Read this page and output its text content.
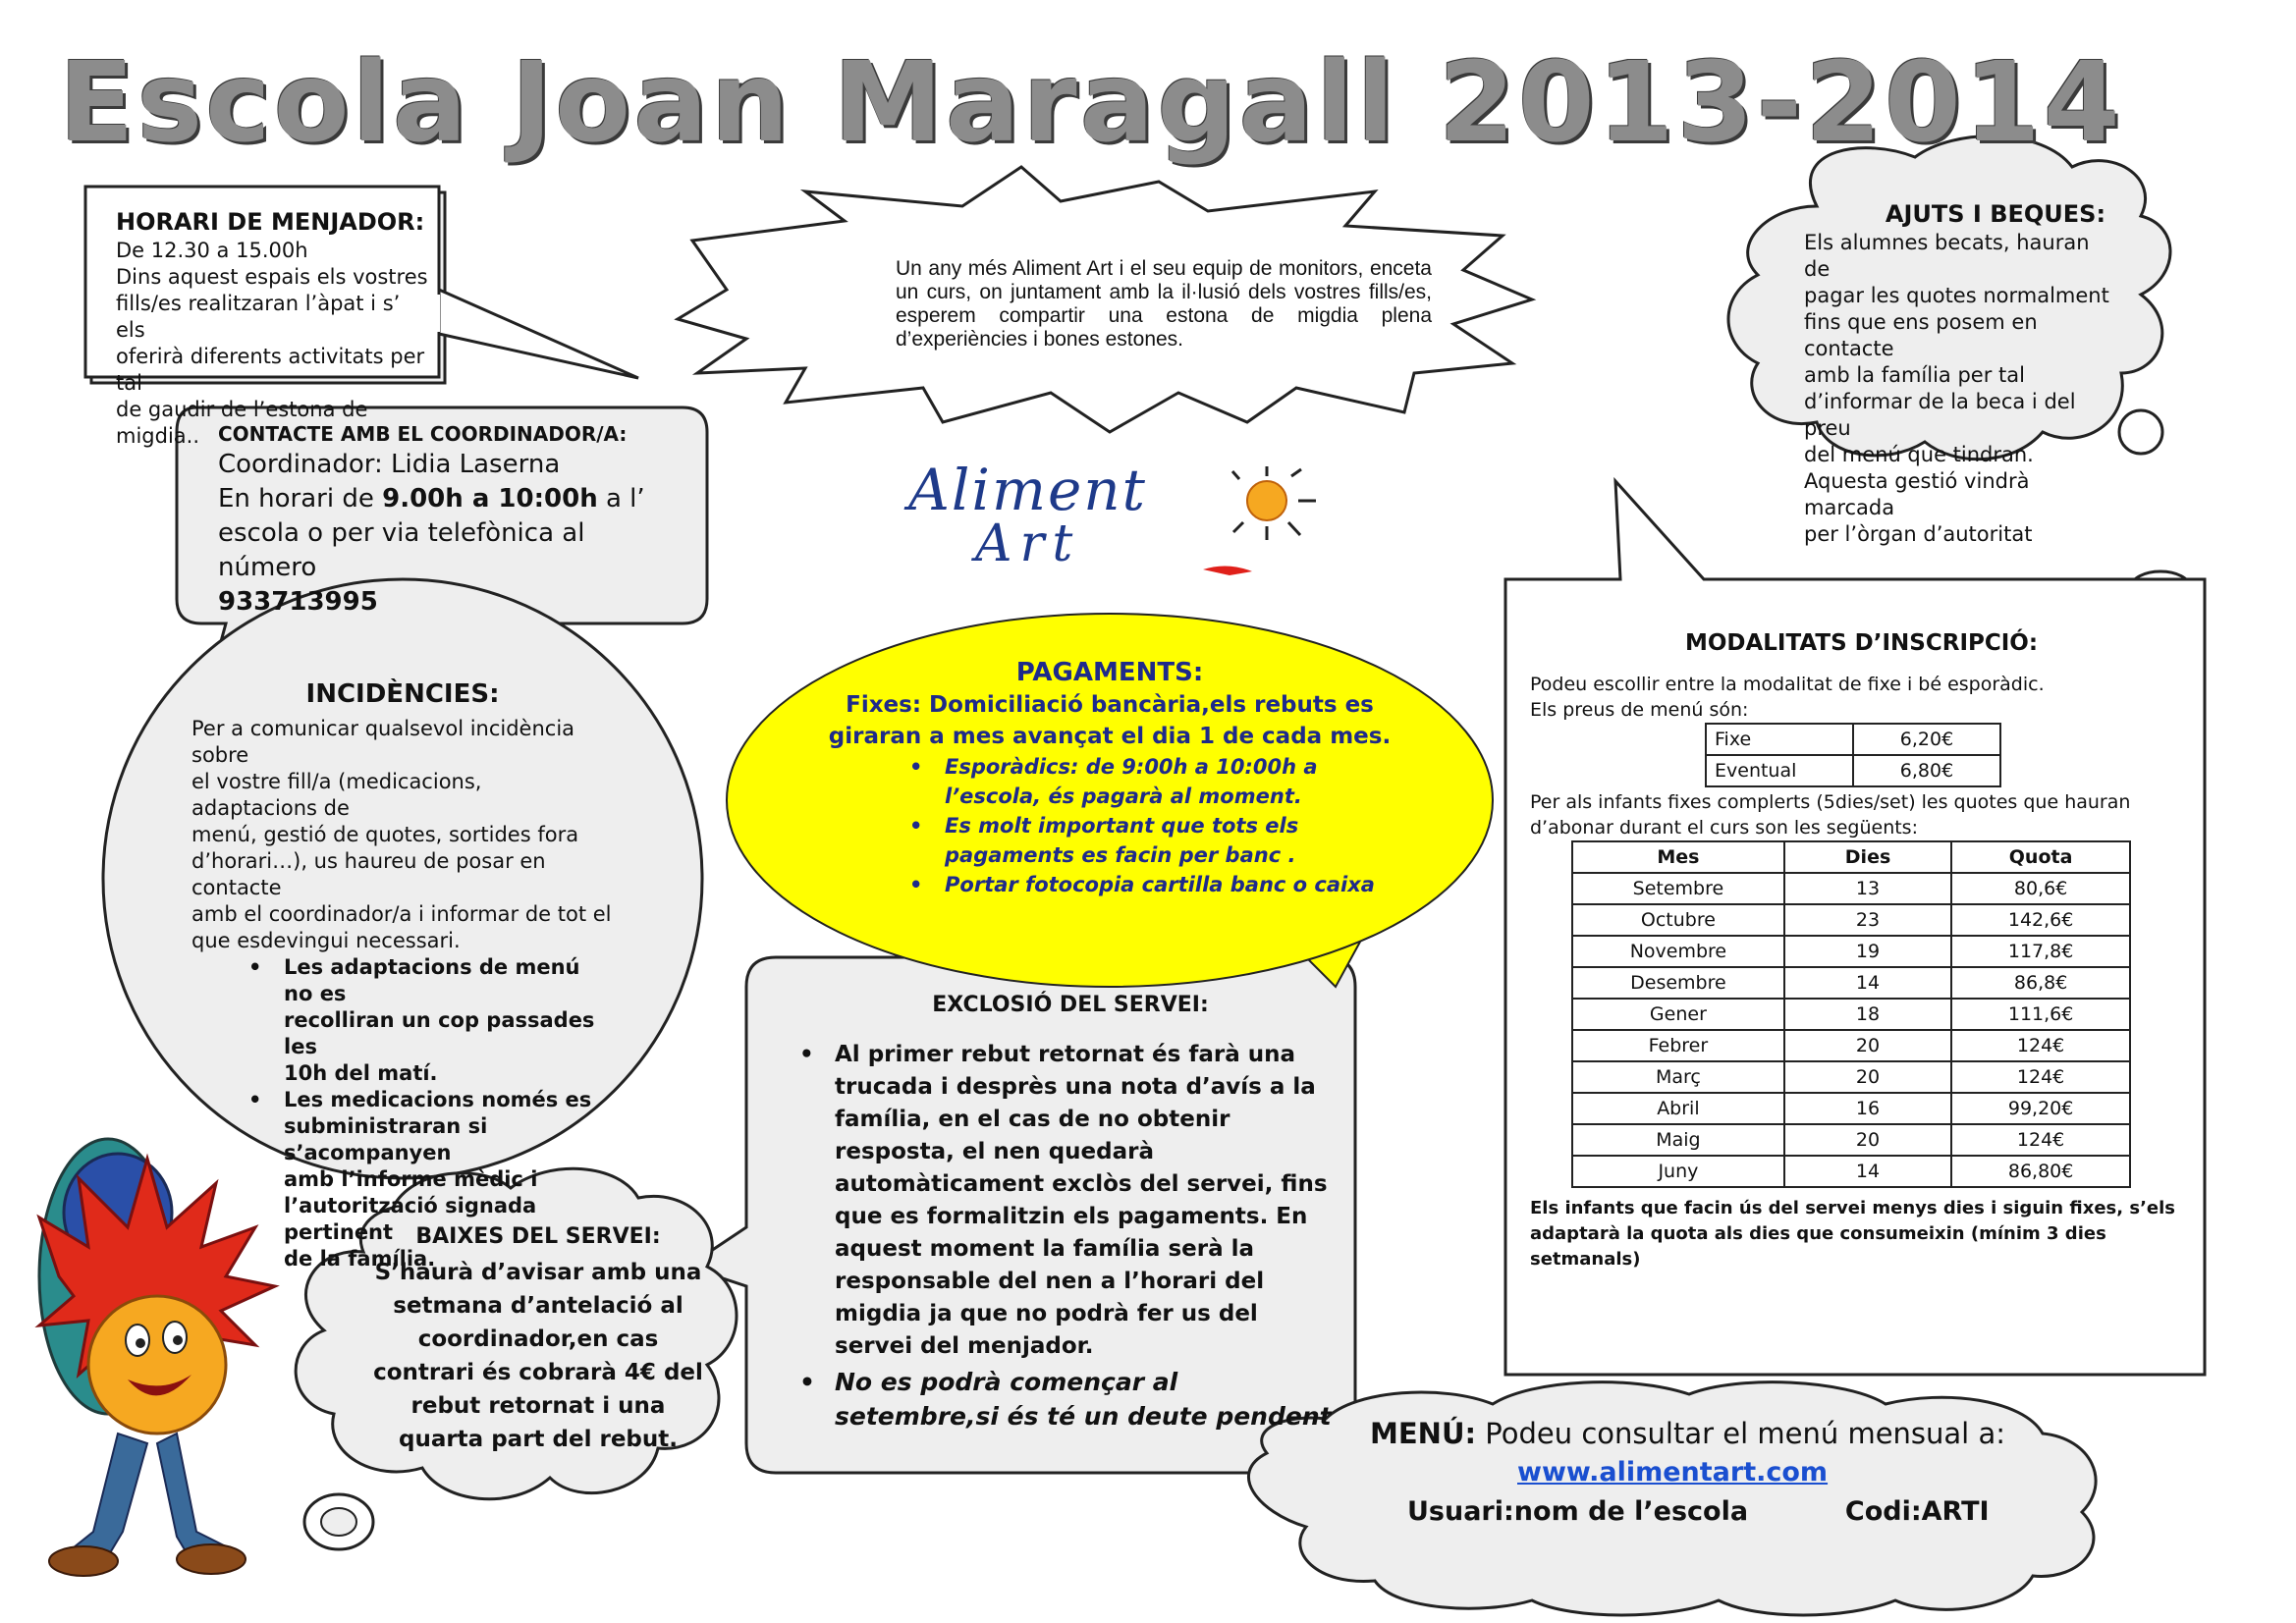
Escola Joan Maragall 2013-2014
HORARI DE MENJADOR:
De 12.30 a 15.00h
Dins aquest espais els vostres
fills/es realitzaran l’àpat i s’ els
oferirà diferents activitats per tal
de gaudir de l’estona de migdia..
Un any més Aliment Art i el seu equip de monitors, enceta un curs, on juntament amb la il·lusió dels vostres fills/es, esperem compartir una estona de migdia plena d’experiències i bones estones.
AJUTS I BEQUES:
Els alumnes becats, hauran de
pagar les quotes normalment
fins que ens posem en contacte
amb la família per tal
d’informar de la beca i del preu
del menú que tindran.
Aquesta gestió vindrà marcada
per l’òrgan d’autoritat
CONTACTE AMB EL COORDINADOR/A:
Coordinador: Lidia Laserna
En horari de 9.00h a 10:00h a l’
escola o per via telefònica al número
933713995
Aliment
Art
INCIDÈNCIES:
Per a comunicar qualsevol incidència sobre
el vostre fill/a (medicacions, adaptacions de
menú, gestió de quotes, sortides fora
d’horari…), us haureu de posar en contacte
amb el coordinador/a i informar de tot el
que esdevingui necessari.
• Les adaptacions de menú no es
recolliran un cop passades les
10h del matí.
• Les medicacions només es
subministraran si s’acompanyen
amb l’informe mèdic i
l’autorització signada pertinent
de la família.
PAGAMENTS:
Fixes: Domiciliació bancària,els rebuts es
giraran a mes avançat el dia 1 de cada mes.
• Esporàdics: de 9:00h a 10:00h a
l’escola, és pagarà al moment.
• Es molt important que tots els
pagaments es facin per banc .
• Portar fotocopia cartilla banc o caixa
MODALITATS D’INSCRIPCIÓ:
Podeu escollir entre la modalitat de fixe i bé esporàdic.
Els preus de menú són:
Fixe	6,20€
Eventual	6,80€
Per als infants fixes complerts (5dies/set) les quotes que hauran
d’abonar durant el curs son les següents:
Mes	Dies	Quota
Setembre	13	80,6€
Octubre	23	142,6€
Novembre	19	117,8€
Desembre	14	86,8€
Gener	18	111,6€
Febrer	20	124€
Març	20	124€
Abril	16	99,20€
Maig	20	124€
Juny	14	86,80€
Els infants que facin ús del servei menys dies i siguin fixes, s’els
adaptarà la quota als dies que consumeixin (mínim 3 dies setmanals)
EXCLOSIÓ DEL SERVEI:
• Al primer rebut retornat és farà una
trucada i desprès una nota d’avís a la
família, en el cas de no obtenir
resposta, el nen quedarà
automàticament exclòs del servei, fins
que es formalitzin els pagaments. En
aquest moment la família serà la
responsable del nen a l’horari del
migdia ja que no podrà fer us del
servei del menjador.
• No es podrà començar al
setembre,si és té un deute pendent
BAIXES DEL SERVEI:
S’haurà d’avisar amb una
setmana d’antelació al
coordinador,en cas
contrari és cobrarà 4€ del
rebut retornat i una
quarta part del rebut.	MENÚ: Podeu consultar el menú mensual a:
www.alimentart.com
Usuari:nom de l’escola	Codi:ARTI
